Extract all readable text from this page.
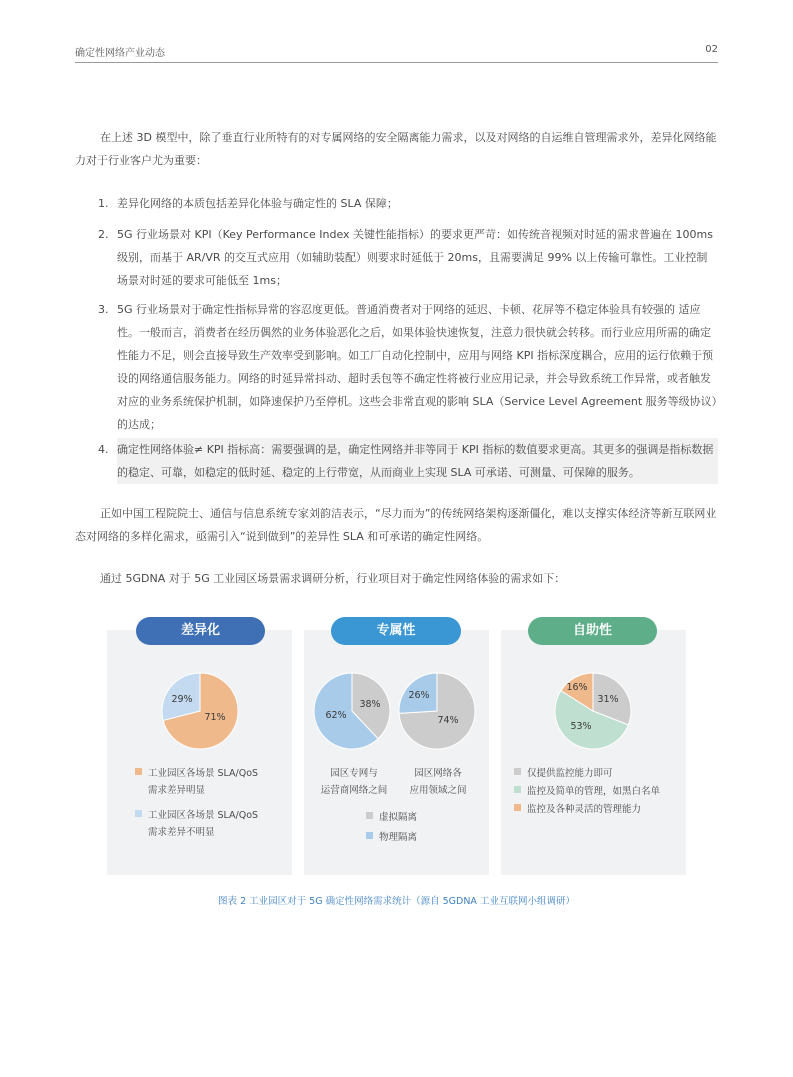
确定性网络产业动态	02
在上述 3D 模型中，除了垂直行业所特有的对专属网络的安全隔离能力需求，以及对网络的自运维自管理需求外，差异化网络能力对于行业客户尤为重要：
1. 差异化网络的本质包括差异化体验与确定性的 SLA 保障；
2. 5G 行业场景对 KPI（Key Performance Index 关键性能指标）的要求更严苛：如传统音视频对时延的需求普遍在 100ms 级别，而基于 AR/VR 的交互式应用（如辅助装配）则要求时延低于 20ms，且需要满足 99% 以上传输可靠性。工业控制场景对时延的要求可能低至 1ms；
3. 5G 行业场景对于确定性指标异常的容忍度更低。普通消费者对于网络的延迟、卡顿、花屏等不稳定体验具有较强的 适应性。一般而言，消费者在经历偶然的业务体验恶化之后，如果体验快速恢复，注意力很快就会转移。而行业应用所需的确定性能力不足，则会直接导致生产效率受到影响。如工厂自动化控制中，应用与网络 KPI 指标深度耦合，应用的运行依赖于预设的网络通信服务能力。网络的时延异常抖动、超时丢包等不确定性将被行业应用记录，并会导致系统工作异常，或者触发对应的业务系统保护机制，如降速保护乃至停机。这些会非常直观的影响 SLA（Service Level Agreement 服务等级协议）的达成；
4. 确定性网络体验≠ KPI 指标高：需要强调的是，确定性网络并非等同于 KPI 指标的数值要求更高。其更多的强调是指标数据的稳定、可靠，如稳定的低时延、稳定的上行带宽，从而商业上实现 SLA 可承诺、可测量、可保障的服务。
正如中国工程院院士、通信与信息系统专家刘韵洁表示，“尽力而为”的传统网络架构逐渐僵化，难以支撑实体经济等新互联网业态对网络的多样化需求，亟需引入“说到做到”的差异性 SLA 和可承诺的确定性网络。
通过 5GDNA 对于 5G 工业园区场景需求调研分析，行业项目对于确定性网络体验的需求如下：
差异化	专属性	自助性
71%
29%	38%
62%	74%
26%	31%
53%
16%
工业园区各场景 SLA/QoS
需求差异明显
工业园区各场景 SLA/QoS
需求差异不明显
园区专网与
运营商网络之间
园区网络各
应用领域之间
虚拟隔离
物理隔离
仅提供监控能力即可
监控及简单的管理，如黑白名单
监控及各种灵活的管理能力
图表 2 工业园区对于 5G 确定性网络需求统计（源自 5GDNA 工业互联网小组调研）
